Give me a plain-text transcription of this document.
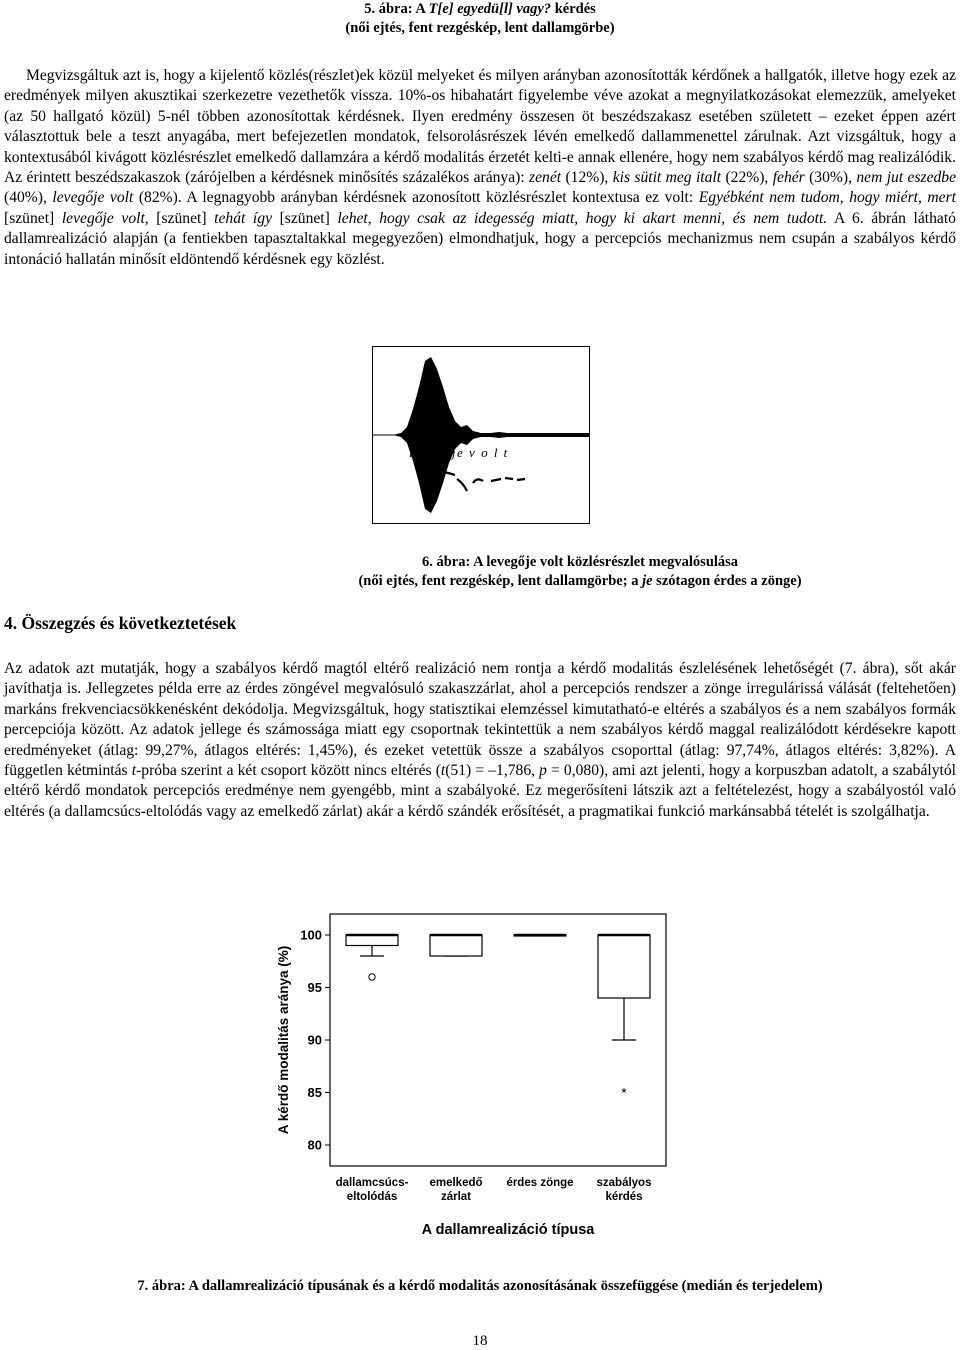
5. ábra: A T[e] egyedü[l] vagy? kérdés
(női ejtés, fent rezgéskép, lent dallamgörbe)

Megvizsgáltuk azt is, hogy a kijelentő közlés(részlet)ek közül melyeket és milyen arányban azonosították kérdőnek a hallgatók, illetve hogy ezek az eredmények milyen akusztikai szerkezetre vezethetők vissza. 10%-os hibahatárt figyelembe véve azokat a megnyilatkozásokat elemezzük, amelyeket (az 50 hallgató közül) 5-nél többen azonosítottak kérdésnek. Ilyen eredmény összesen öt beszédszakasz esetében született – ezeket éppen azért választottuk bele a teszt anyagába, mert befejezetlen mondatok, felsorolásrészek lévén emelkedő dallammenettel zárulnak. Azt vizsgáltuk, hogy a kontextusából kivágott közlésrészlet emelkedő dallamzára a kérdő modalitás érzetét kelti-e annak ellenére, hogy nem szabályos kérdő mag realizálódik. Az érintett beszédszakaszok (zárójelben a kérdésnek minősítés százalékos aránya): zenét (12%), kis sütit meg italt (22%), fehér (30%), nem jut eszedbe (40%), levegője volt (82%). A legnagyobb arányban kérdésnek azonosított közlésrészlet kontextusa ez volt: Egyébként nem tudom, hogy miért, mert [szünet] levegője volt, [szünet] tehát így [szünet] lehet, hogy csak az idegesség miatt, hogy ki akart menni, és nem tudott. A 6. ábrán látható dallamrealizáció alapján (a fentiekben tapasztaltakkal megegyezően) elmondhatjuk, hogy a percepciós mechanizmus nem csupán a szabályos kérdő intonáció hallatán minősít eldöntendő kérdésnek egy közlést.

levegője v o l t
6. ábra: A levegője volt közlésrészlet megvalósulása
(női ejtés, fent rezgéskép, lent dallamgörbe; a je szótagon érdes a zönge)
4. Összegzés és következtetések

Az adatok azt mutatják, hogy a szabályos kérdő magtól eltérő realizáció nem rontja a kérdő modalitás észlelésének lehetőségét (7. ábra), sőt akár javíthatja is. Jellegzetes példa erre az érdes zöngével megvalósuló szakaszzárlat, ahol a percepciós rendszer a zönge irregulárissá válását (feltehetően) markáns frekvenciacsökkenésként dekódolja. Megvizsgáltuk, hogy statisztikai elemzéssel kimutatható-e eltérés a szabályos és a nem szabályos formák percepciója között. Az adatok jellege és számossága miatt egy csoportnak tekintettük a nem szabályos kérdő maggal realizálódott kérdésekre kapott eredményeket (átlag: 99,27%, átlagos eltérés: 1,45%), és ezeket vetettük össze a szabályos csoporttal (átlag: 97,74%, átlagos eltérés: 3,82%). A független kétmintás t-próba szerint a két csoport között nincs eltérés (t(51) = –1,786, p = 0,080), ami azt jelenti, hogy a korpuszban adatolt, a szabálytól eltérő kérdő mondatok percepciós eredménye nem gyengébb, mint a szabályoké. Ez megerősíteni látszik azt a feltételezést, hogy a szabályostól való eltérés (a dallamcsúcs-eltolódás vagy az emelkedő zárlat) akár a kérdő szándék erősítését, a pragmatikai funkció markánsabbá tételét is szolgálhatja.

*
80
85
90
95
100
A kérdő modalitás aránya (%)
dallamcsúcs-eltolódás
emelkedő zárlat
érdes zönge szabályos kérdés
A dallamrealizáció típusa
7. ábra: A dallamrealizáció típusának és a kérdő modalitás azonosításának összefüggése (medián és terjedelem)
18
